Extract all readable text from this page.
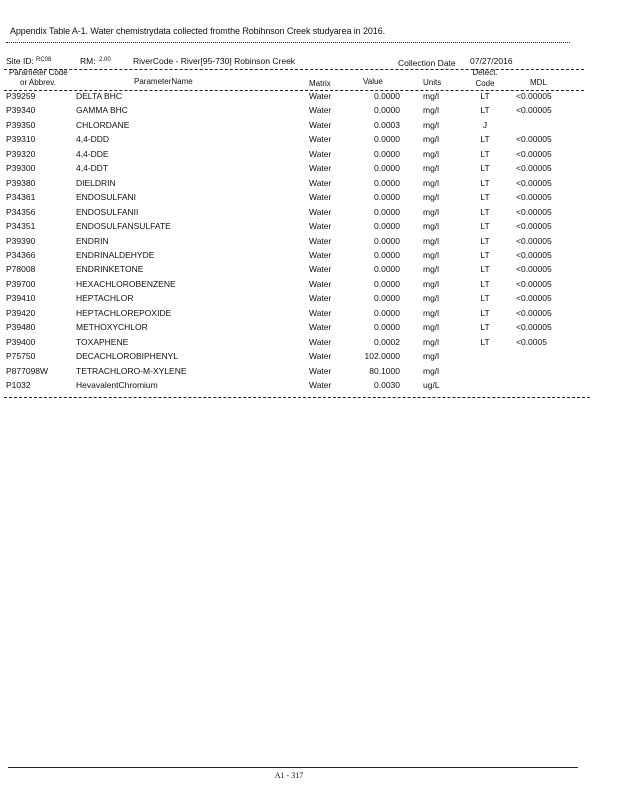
Appendix Table A-1. Water chemistrydata collected fromthe Robihnson Creek studyarea in 2016.
Site ID: RC08	RM: 2.00	RiverCode - River[95-730] Robinson Creek	Collection Date 07/27/2016
Parameter Code
or Abbrev.	ParameterName	Matrix	Value	Units
Detect.
Code	MDL
P39259	DELTA BHC	Water	0.0000	mg/l	LT	<0.00005
P39340	GAMMA BHC	Water	0.0000	mg/l	LT	<0.00005
P39350	CHLORDANE	Water	0.0003	mg/l	J
P39310	4,4-DDD	Water	0.0000	mg/l	LT	<0.00005
P39320	4,4-DDE	Water	0.0000	mg/l	LT	<0.00005
P39300	4,4-DDT	Water	0.0000	mg/l	LT	<0.00005
P39380	DIELDRIN	Water	0.0000	mg/l	LT	<0.00005
P34361	ENDOSULFANI	Water	0.0000	mg/l	LT	<0.00005
P34356	ENDOSULFANII	Water	0.0000	mg/l	LT	<0.00005
P34351	ENDOSULFANSULFATE	Water	0.0000	mg/l	LT	<0.00005
P39390	ENDRIN	Water	0.0000	mg/l	LT	<0.00005
P34366	ENDRINALDEHYDE	Water	0.0000	mg/l	LT	<0.00005
P78008	ENDRINKETONE	Water	0.0000	mg/l	LT	<0.00005
P39700	HEXACHLOROBENZENE	Water	0.0000	mg/l	LT	<0.00005
P39410	HEPTACHLOR	Water	0.0000	mg/l	LT	<0.00005
P39420	HEPTACHLOREPOXIDE	Water	0.0000	mg/l	LT	<0.00005
P39480	METHOXYCHLOR	Water	0.0000	mg/l	LT	<0.00005
P39400	TOXAPHENE	Water	0.0002	mg/l	LT	<0.0005
P75750	DECACHLOROBIPHENYL	Water	102.0000	mg/l
P877098W	TETRACHLORO-M-XYLENE	Water	80.1000	mg/l
P1032	HevavalentChromium	Water	0.0030	ug/L
A1 - 317
